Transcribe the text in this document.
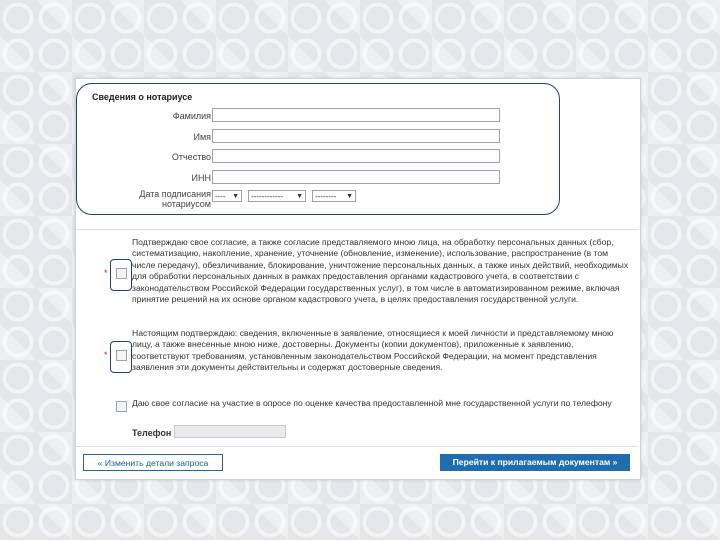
Сведения о нотариусе
Фамилия
Имя
Отчество
ИНН
Дата подписания
нотариусом
---- ▼	------------ ▼	-------- ▼
*
Подтверждаю свое согласие, а также согласие представляемого мною лица, на обработку персональных данных (сбор, систематизацию, накопление, хранение, уточнение (обновление, изменение), использование, распространение (в том числе передачу), обезличивание, блокирование, уничтожение персональных данных, а также иных действий, необходимых для обработки персональных данных в рамках предоставления органами кадастрового учета, в соответствии с законодательством Российской Федерации государственных услуг), в том числе в автоматизированном режиме, включая принятие решений на их основе органом кадастрового учета, в целях предоставления государственной услуги.
*
Настоящим подтверждаю: сведения, включенные в заявление, относящиеся к моей личности и представляемому мною лицу, а также внесенные мною ниже, достоверны. Документы (копии документов), приложенные к заявлению, соответствуют требованиям, установленным законодательством Российской Федерации, на момент представления заявления эти документы действительны и содержат достоверные сведения.
Даю свое согласие на участие в опросе по оценке качества предоставленной мне государственной услуги по телефону
Телефон
« Изменить детали запроса	Перейти к прилагаемым документам »
